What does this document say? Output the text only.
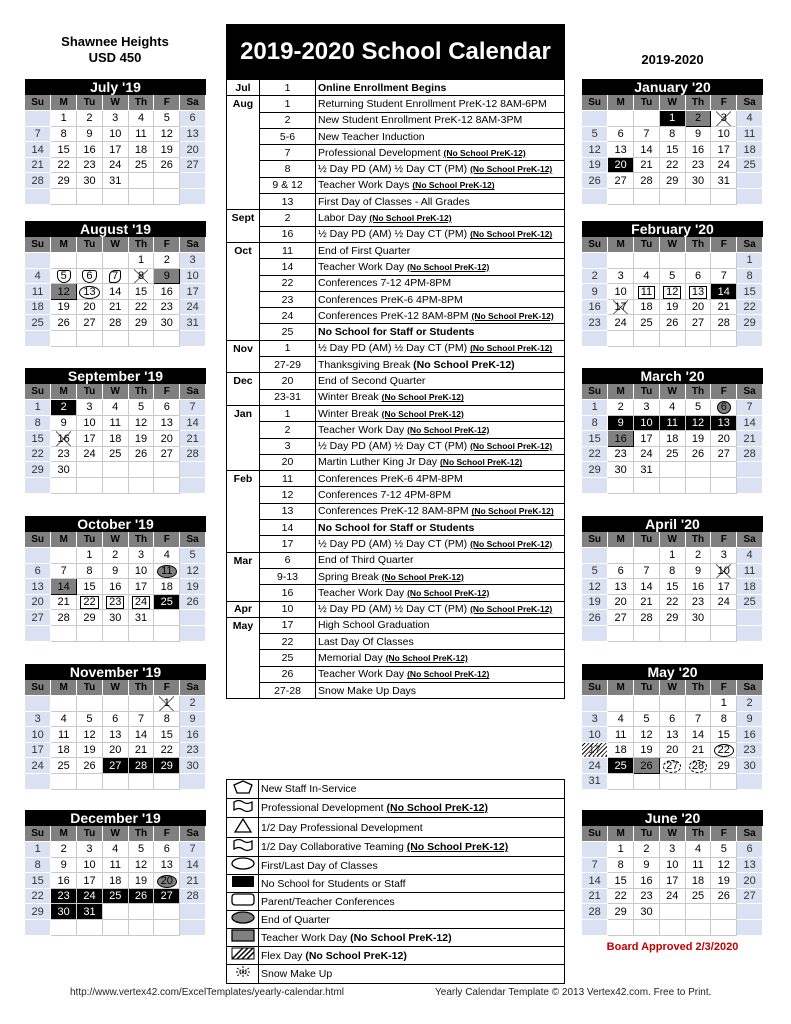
Shawnee Heights
USD 450	2019-2020 School Calendar	2019-2020
July '19
Su	M	Tu	W	Th	F	Sa
	1	2	3	4	5	6
7	8	9	10	11	12	13
14	15	16	17	18	19	20
21	22	23	24	25	26	27
28	29	30	31			

August '19
Su	M	Tu	W	Th	F	Sa
				1	2	3
4	5	6	7	8	9	10
11	12	13	14	15	16	17
18	19	20	21	22	23	24
25	26	27	28	29	30	31

September '19
Su	M	Tu	W	Th	F	Sa
1	2	3	4	5	6	7
8	9	10	11	12	13	14
15	16	17	18	19	20	21
22	23	24	25	26	27	28
29	30					

October '19
Su	M	Tu	W	Th	F	Sa
		1	2	3	4	5
6	7	8	9	10	11	12
13	14	15	16	17	18	19
20	21	22	23	24	25	26
27	28	29	30	31		

November '19
Su	M	Tu	W	Th	F	Sa
					1	2
3	4	5	6	7	8	9
10	11	12	13	14	15	16
17	18	19	20	21	22	23
24	25	26	27	28	29	30

December '19
Su	M	Tu	W	Th	F	Sa
1	2	3	4	5	6	7
8	9	10	11	12	13	14
15	16	17	18	19	20	21
22	23	24	25	26	27	28
29	30	31				

January '20
Su	M	Tu	W	Th	F	Sa
			1	2	3	4
5	6	7	8	9	10	11
12	13	14	15	16	17	18
19	20	21	22	23	24	25
26	27	28	29	30	31	

February '20
Su	M	Tu	W	Th	F	Sa
						1
2	3	4	5	6	7	8
9	10	11	12	13	14	15
16	17	18	19	20	21	22
23	24	25	26	27	28	29

March '20
Su	M	Tu	W	Th	F	Sa
1	2	3	4	5	6	7
8	9	10	11	12	13	14
15	16	17	18	19	20	21
22	23	24	25	26	27	28
29	30	31				

April '20
Su	M	Tu	W	Th	F	Sa
			1	2	3	4
5	6	7	8	9	10	11
12	13	14	15	16	17	18
19	20	21	22	23	24	25
26	27	28	29	30		

May '20
Su	M	Tu	W	Th	F	Sa
					1	2
3	4	5	6	7	8	9
10	11	12	13	14	15	16
17	18	19	20	21	22	23
24	25	26	27	28	29	30
31						
June '20
Su	M	Tu	W	Th	F	Sa
	1	2	3	4	5	6
7	8	9	10	11	12	13
14	15	16	17	18	19	20
21	22	23	24	25	26	27
28	29	30				

Jul	1	Online Enrollment Begins
Aug	1	Returning Student Enrollment PreK-12 8AM-6PM
	2	New Student Enrollment PreK-12 8AM-3PM
	5-6	New Teacher Induction
	7	Professional Development (No School PreK-12)
	8	½ Day PD (AM) ½ Day CT (PM) (No School PreK-12)
	9 & 12	Teacher Work Days (No School PreK-12)
	13	First Day of Classes - All Grades
Sept	2	Labor Day (No School PreK-12)
	16	½ Day PD (AM) ½ Day CT (PM) (No School PreK-12)
Oct	11	End of First Quarter
	14	Teacher Work Day (No School PreK-12)
	22	Conferences 7-12 4PM-8PM
	23	Conferences PreK-6 4PM-8PM
	24	Conferences PreK-12 8AM-8PM (No School PreK-12)
	25	No School for Staff or Students
Nov	1	½ Day PD (AM) ½ Day CT (PM) (No School PreK-12)
	27-29	Thanksgiving Break (No School PreK-12)
Dec	20	End of Second Quarter
	23-31	Winter Break (No School PreK-12)
Jan	1	Winter Break (No School PreK-12)
	2	Teacher Work Day (No School PreK-12)
	3	½ Day PD (AM) ½ Day CT (PM) (No School PreK-12)
	20	Martin Luther King Jr Day (No School PreK-12)
Feb	11	Conferences PreK-6 4PM-8PM
	12	Conferences 7-12 4PM-8PM
	13	Conferences PreK-12 8AM-8PM (No School PreK-12)
	14	No School for Staff or Students
	17	½ Day PD (AM) ½ Day CT (PM) (No School PreK-12)
Mar	6	End of Third Quarter
	9-13	Spring Break (No School PreK-12)
	16	Teacher Work Day (No School PreK-12)
Apr	10	½ Day PD (AM) ½ Day CT (PM) (No School PreK-12)
May	17	High School Graduation
	22	Last Day Of Classes
	25	Memorial Day (No School PreK-12)
	26	Teacher Work Day (No School PreK-12)
	27-28	Snow Make Up Days
	New Staff In-Service
	Professional Development (No School PreK-12)
	1/2 Day Professional Development
	1/2 Day Collaborative Teaming (No School PreK-12)
	First/Last Day of Classes
	No School for Students or Staff
	Parent/Teacher Conferences
	End of Quarter
	Teacher Work Day (No School PreK-12)
	Flex Day (No School PreK-12)
	Snow Make Up
Board Approved 2/3/2020
http://www.vertex42.com/ExcelTemplates/yearly-calendar.html	Yearly Calendar Template © 2013 Vertex42.com. Free to Print.
